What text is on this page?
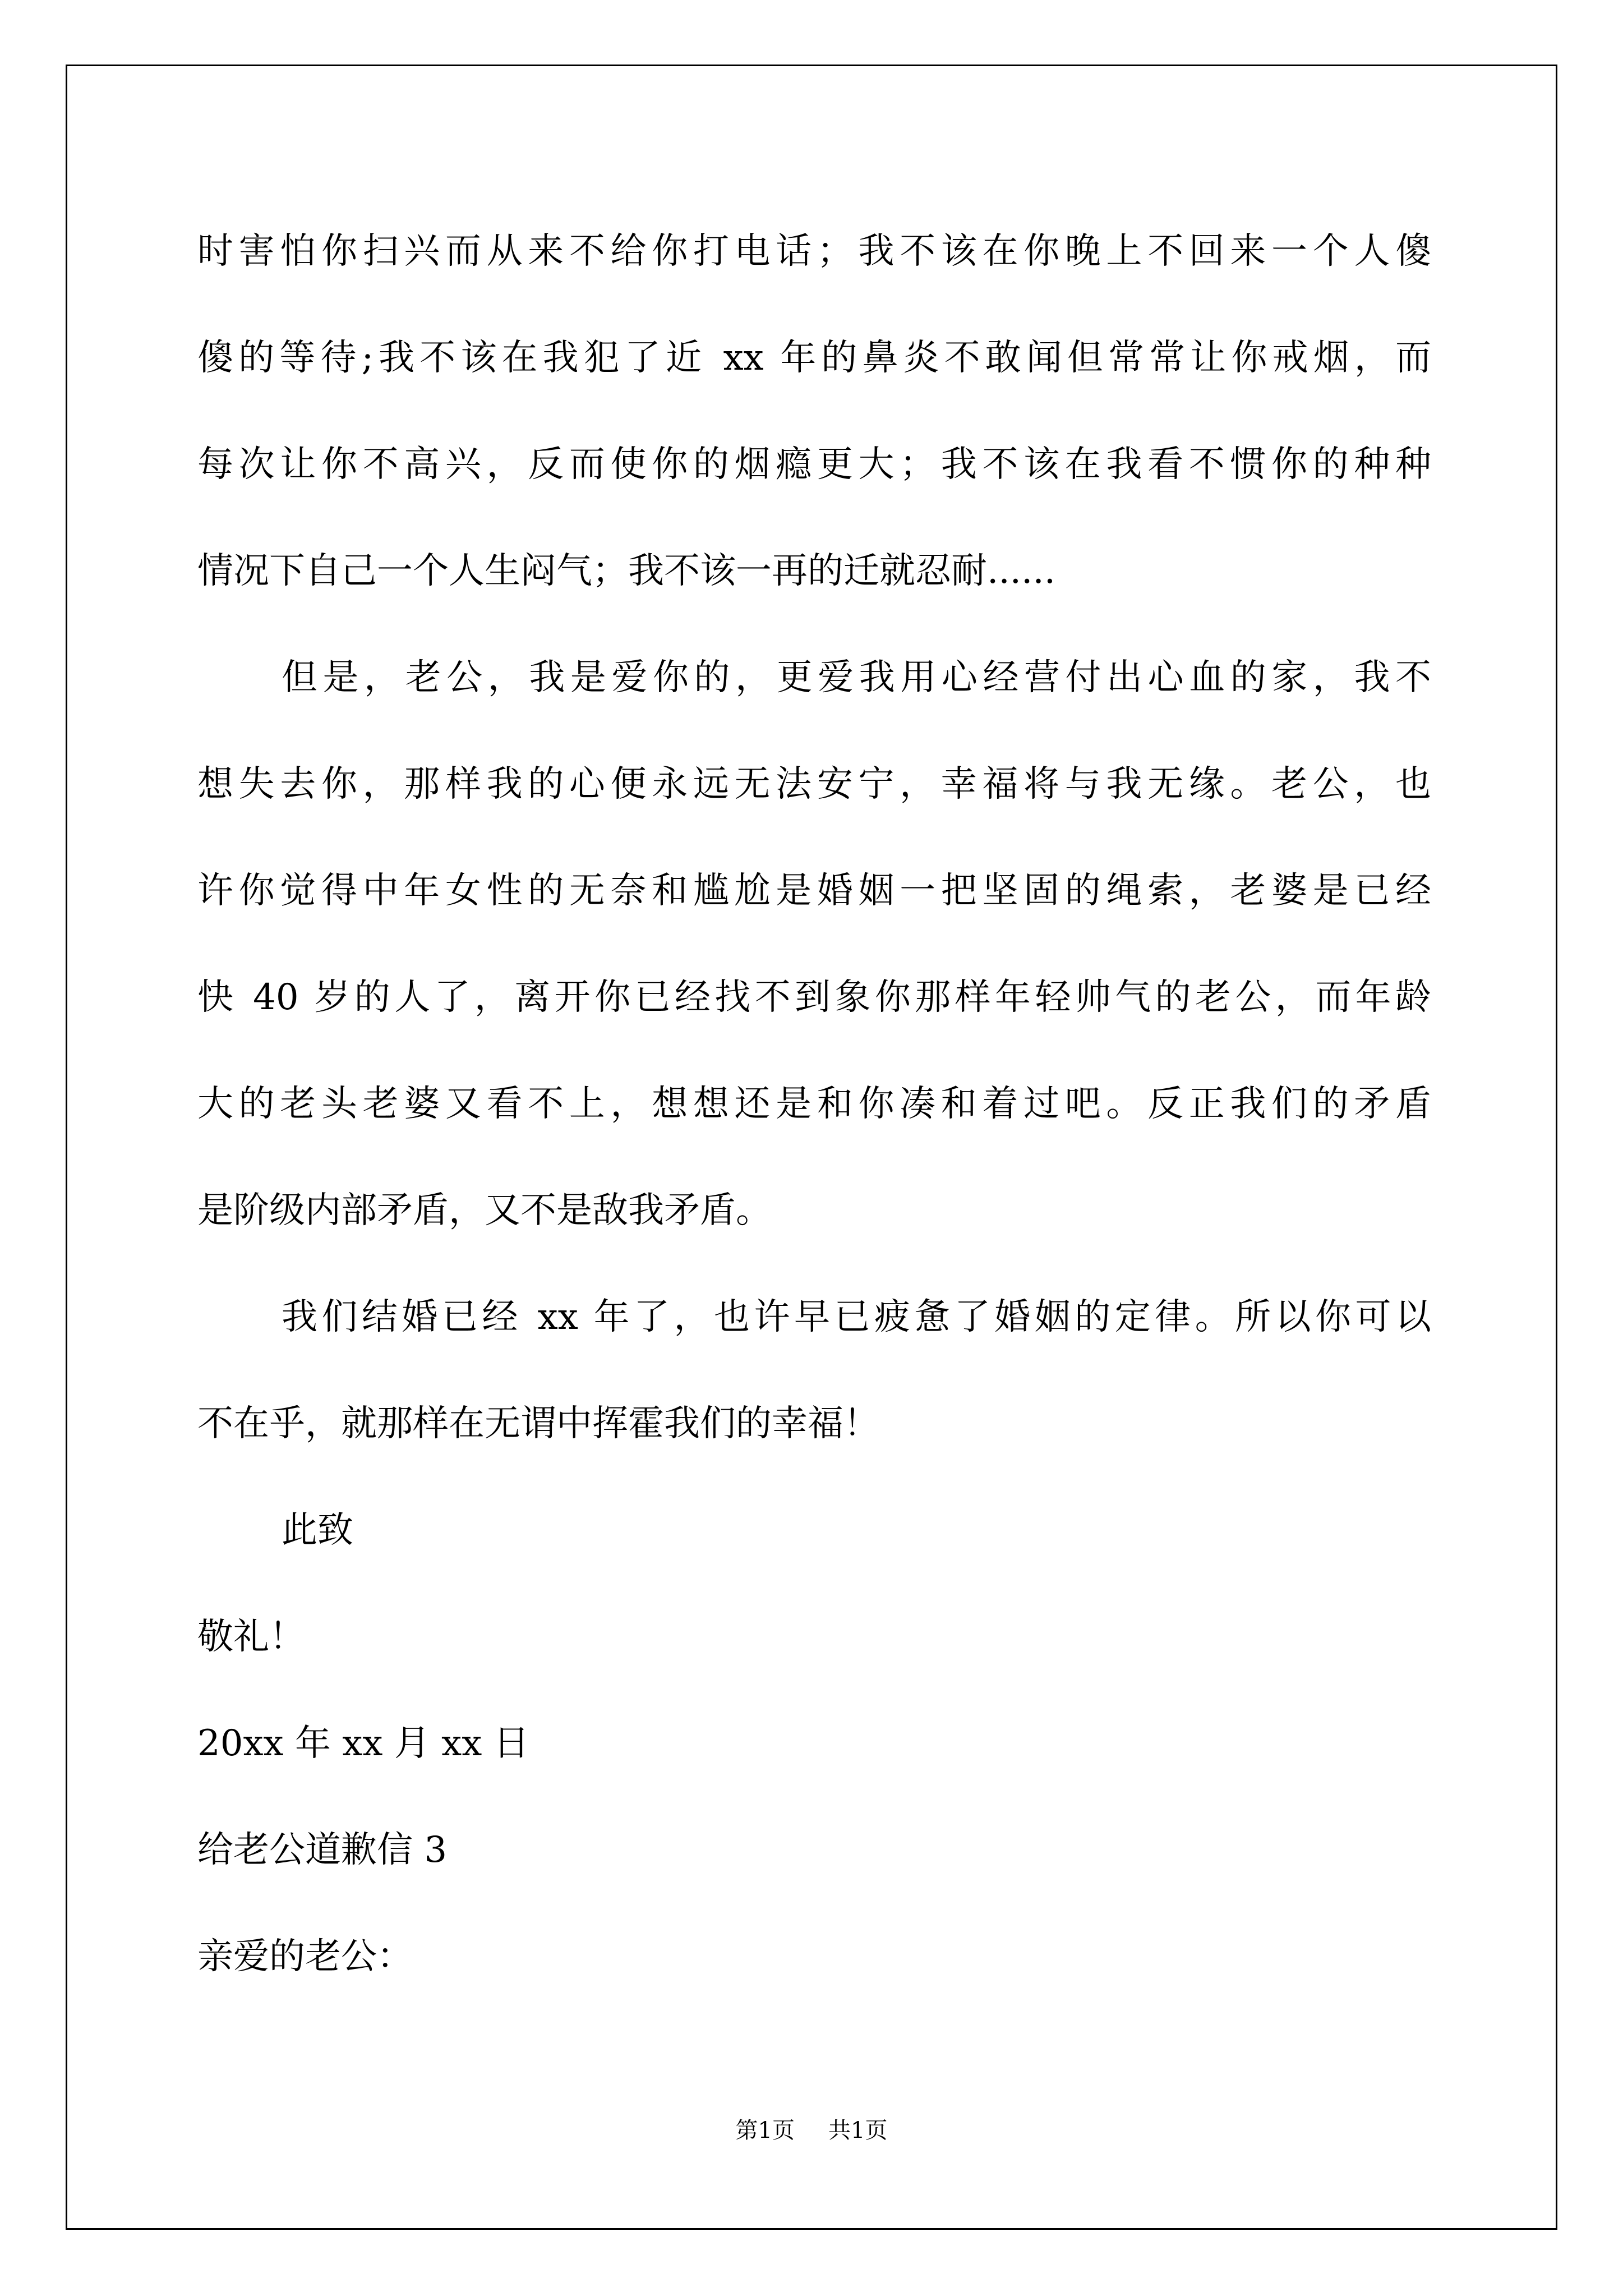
时害怕你扫兴而从来不给你打电话；我不该在你晚上不回来一个人傻
傻的等待;我不该在我犯了近 xx 年的鼻炎不敢闻但常常让你戒烟，而
每次让你不高兴，反而使你的烟瘾更大；我不该在我看不惯你的种种
情况下自己一个人生闷气；我不该一再的迁就忍耐......
但是，老公，我是爱你的，更爱我用心经营付出心血的家，我不
想失去你，那样我的心便永远无法安宁，幸福将与我无缘。老公，也
许你觉得中年女性的无奈和尴尬是婚姻一把坚固的绳索，老婆是已经
快 40 岁的人了，离开你已经找不到象你那样年轻帅气的老公，而年龄
大的老头老婆又看不上，想想还是和你凑和着过吧。反正我们的矛盾
是阶级内部矛盾，又不是敌我矛盾。
我们结婚已经 xx 年了，也许早已疲惫了婚姻的定律。所以你可以
不在乎，就那样在无谓中挥霍我们的幸福！
此致
敬礼！
20xx 年 xx 月 xx 日
给老公道歉信 3
亲爱的老公：
第1页 共1页
